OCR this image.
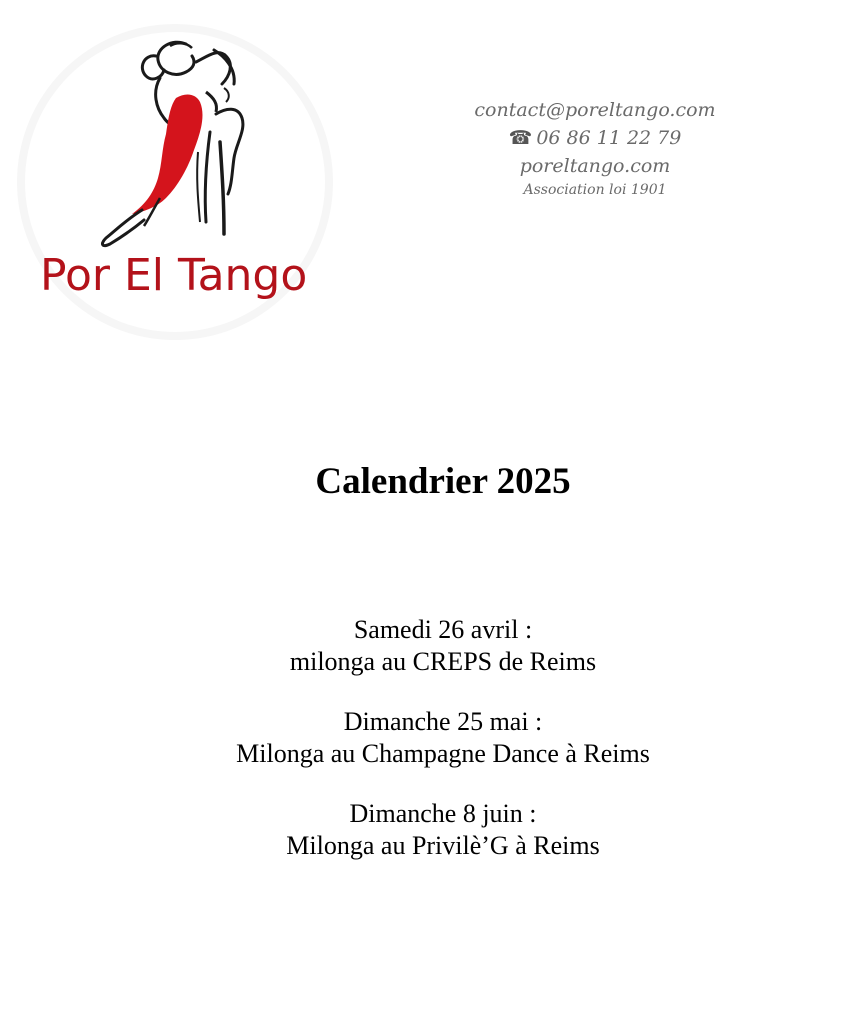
Por El Tango
contact@poreltango.com
☎ 06 86 11 22 79
poreltango.com
Association loi 1901
Calendrier 2025
Samedi 26 avril :
milonga au CREPS de Reims
Dimanche 25 mai :
Milonga au Champagne Dance à Reims
Dimanche 8 juin :
Milonga au Privilè’G à Reims
